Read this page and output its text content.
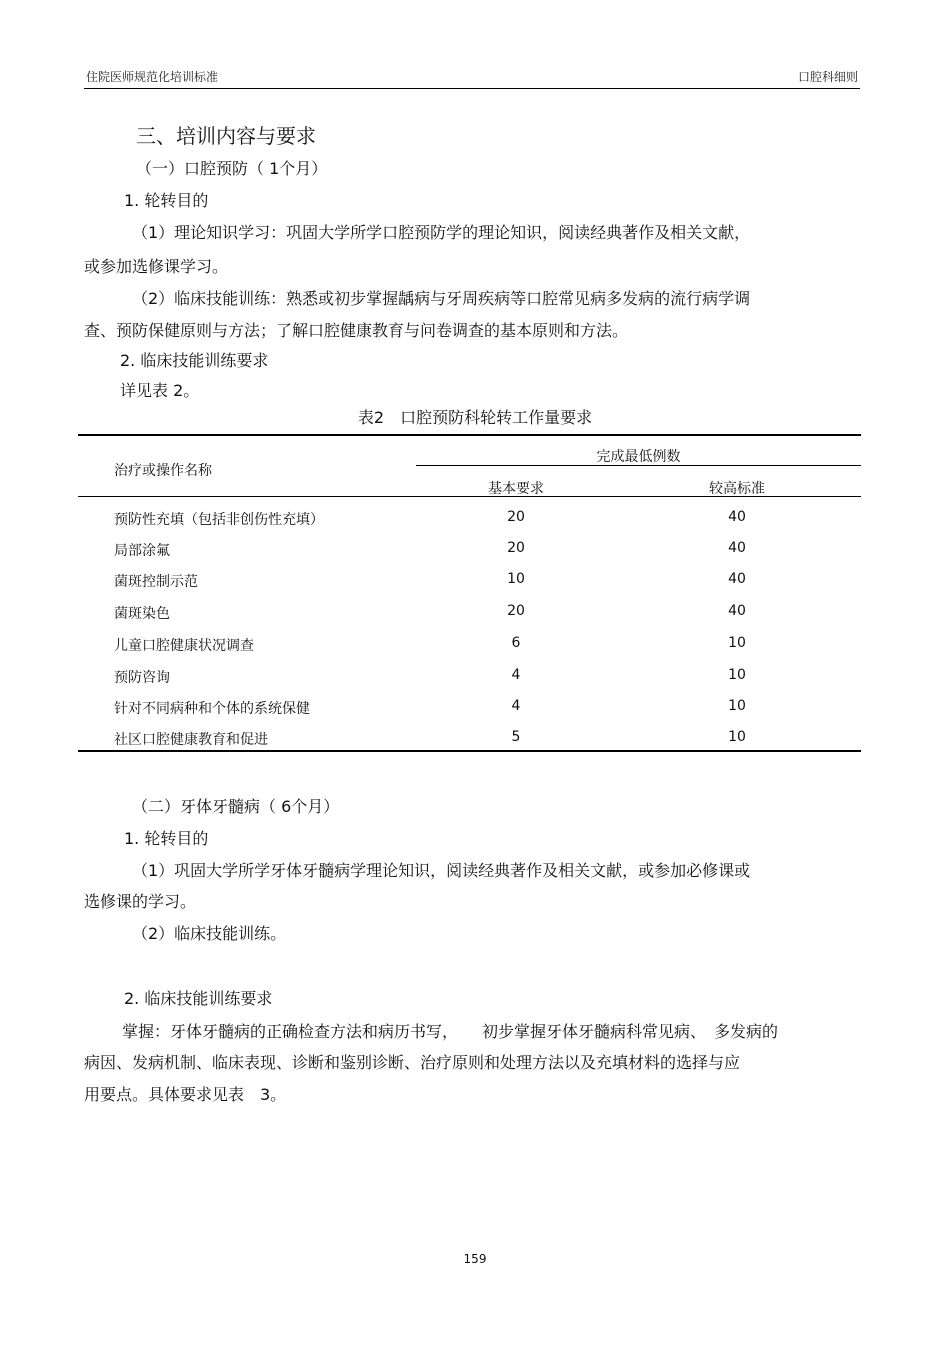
住院医师规范化培训标准	口腔科细则
三、培训内容与要求
（一）口腔预防（ 1个月）
1. 轮转目的
（1）理论知识学习：巩固大学所学口腔预防学的理论知识，阅读经典著作及相关文献，
或参加选修课学习。
（2）临床技能训练：熟悉或初步掌握龋病与牙周疾病等口腔常见病多发病的流行病学调
查、预防保健原则与方法；了解口腔健康教育与问卷调查的基本原则和方法。
2. 临床技能训练要求
详见表 2。
表2　口腔预防科轮转工作量要求
治疗或操作名称
完成最低例数
基本要求	较高标准
预防性充填（包括非创伤性充填）	20	40
局部涂氟	20	40
菌斑控制示范	10	40
菌斑染色	20	40
儿童口腔健康状况调查	6	10
预防咨询	4	10
针对不同病种和个体的系统保健	4	10
社区口腔健康教育和促进	5	10
（二）牙体牙髓病（ 6个月）
1. 轮转目的
（1）巩固大学所学牙体牙髓病学理论知识，阅读经典著作及相关文献，或参加必修课或
选修课的学习。
（2）临床技能训练。
2. 临床技能训练要求
掌握：牙体牙髓病的正确检查方法和病历书写，　　初步掌握牙体牙髓病科常见病、　多发病的
病因、发病机制、临床表现、诊断和鉴别诊断、治疗原则和处理方法以及充填材料的选择与应
用要点。具体要求见表　3。
159
